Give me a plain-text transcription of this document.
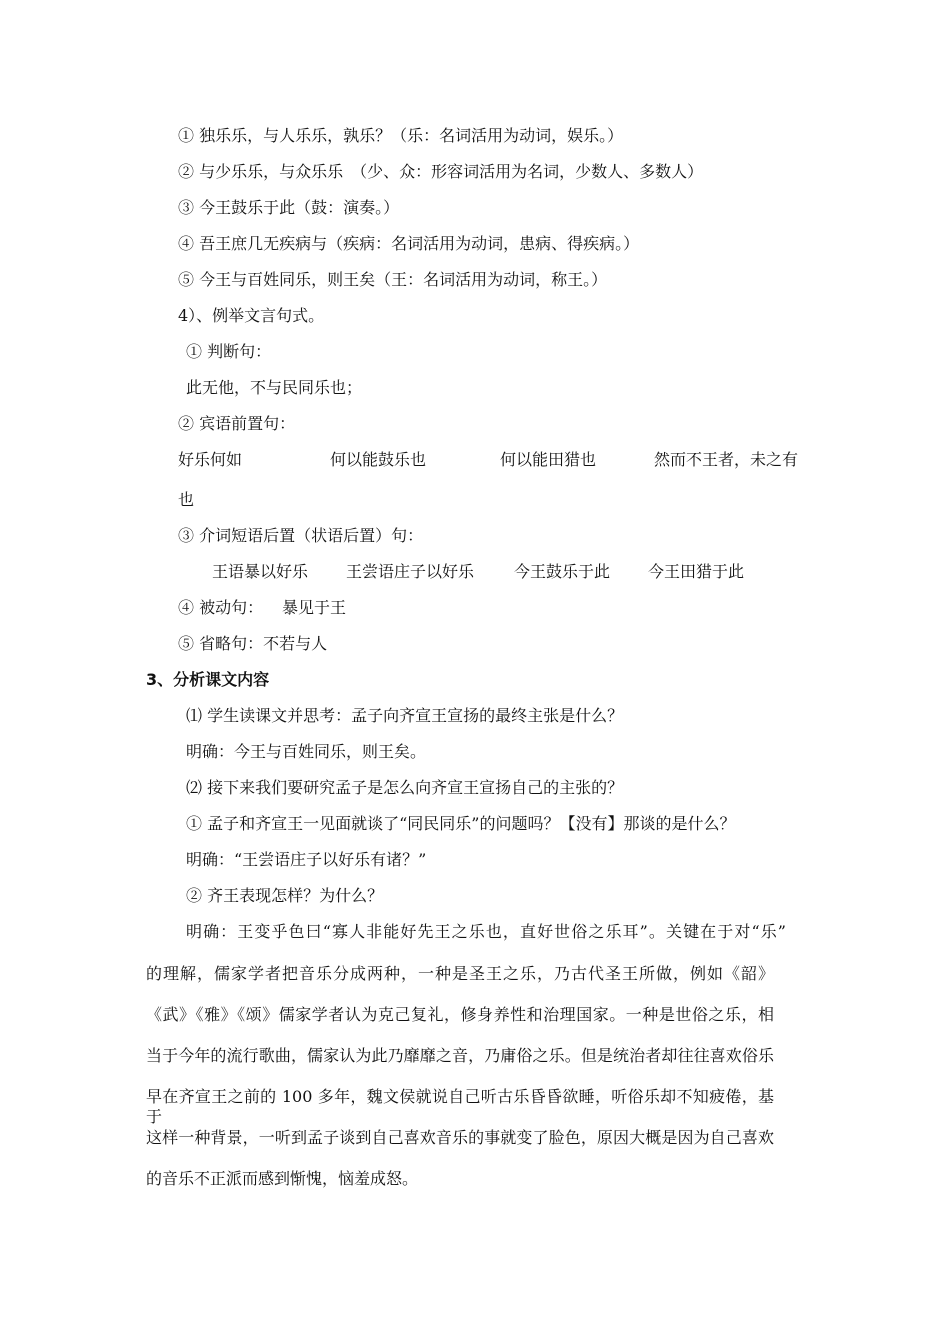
① 独乐乐，与人乐乐，孰乐？（乐：名词活用为动词，娱乐。）
② 与少乐乐，与众乐乐　（少、众：形容词活用为名词，少数人、多数人）
③ 今王鼓乐于此（鼓：演奏。）
④ 吾王庶几无疾病与（疾病：名词活用为动词，患病、得疾病。）
⑤ 今王与百姓同乐，则王矣（王：名词活用为动词，称王。）
4）、例举文言句式。
① 判断句：
此无他，不与民同乐也；
② 宾语前置句：
好乐何如	何以能鼓乐也	何以能田猎也	然而不王者，未之有
也
③ 介词短语后置（状语后置）句：
王语暴以好乐 王尝语庄子以好乐 今王鼓乐于此 今王田猎于此
④ 被动句： 暴见于王
⑤ 省略句：不若与人
3、分析课文内容
⑴ 学生读课文并思考：孟子向齐宣王宣扬的最终主张是什么？
明确：今王与百姓同乐，则王矣。
⑵ 接下来我们要研究孟子是怎么向齐宣王宣扬自己的主张的？
① 孟子和齐宣王一见面就谈了“同民同乐”的问题吗？【没有】那谈的是什么？
明确：“王尝语庄子以好乐有诸？”
② 齐王表现怎样？为什么？
明确：王变乎色曰“寡人非能好先王之乐也，直好世俗之乐耳”。关键在于对“乐”
的理解，儒家学者把音乐分成两种，一种是圣王之乐，乃古代圣王所做，例如《韶》
《武》《雅》《颂》儒家学者认为克己复礼，修身养性和治理国家。一种是世俗之乐，相
当于今年的流行歌曲，儒家认为此乃靡靡之音，乃庸俗之乐。但是统治者却往往喜欢俗乐
早在齐宣王之前的 100 多年，魏文侯就说自己听古乐昏昏欲睡，听俗乐却不知疲倦，基于
这样一种背景，一听到孟子谈到自己喜欢音乐的事就变了脸色，原因大概是因为自己喜欢
的音乐不正派而感到惭愧，恼羞成怒。
